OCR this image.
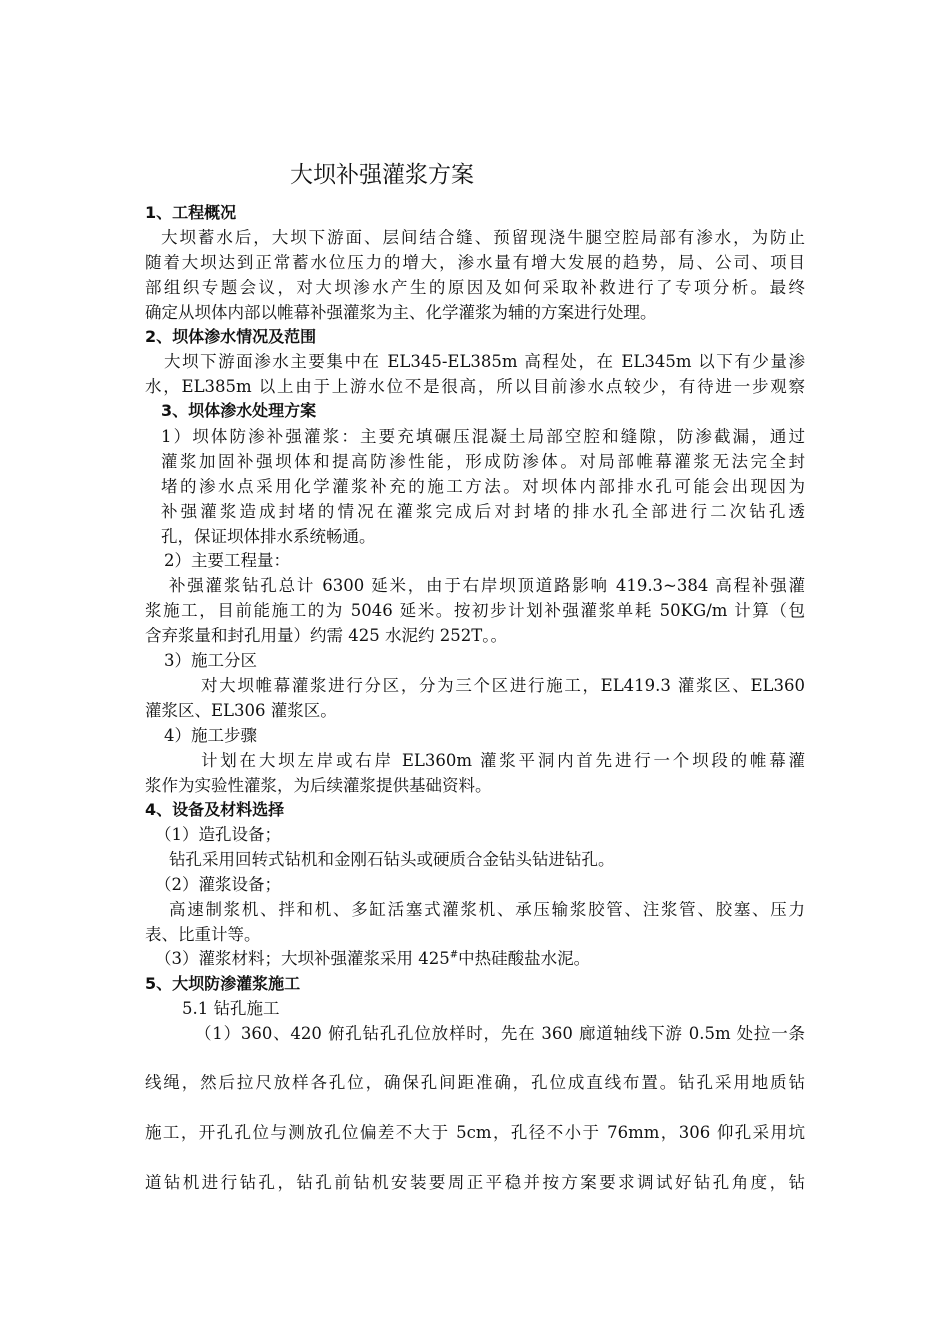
大坝补强灌浆方案
1、工程概况
大坝蓄水后，大坝下游面、层间结合缝、预留现浇牛腿空腔局部有渗水，为防止
随着大坝达到正常蓄水位压力的增大，渗水量有增大发展的趋势，局、公司、项目
部组织专题会议，对大坝渗水产生的原因及如何采取补救进行了专项分析。最终
确定从坝体内部以帷幕补强灌浆为主、化学灌浆为辅的方案进行处理。
2、坝体渗水情况及范围
大坝下游面渗水主要集中在 EL345-EL385m 高程处，在 EL345m 以下有少量渗
水，EL385m 以上由于上游水位不是很高，所以目前渗水点较少，有待进一步观察
3、坝体渗水处理方案
1）坝体防渗补强灌浆：主要充填碾压混凝土局部空腔和缝隙，防渗截漏，通过
灌浆加固补强坝体和提高防渗性能，形成防渗体。对局部帷幕灌浆无法完全封
堵的渗水点采用化学灌浆补充的施工方法。对坝体内部排水孔可能会出现因为
补强灌浆造成封堵的情况在灌浆完成后对封堵的排水孔全部进行二次钻孔透
孔，保证坝体排水系统畅通。
2）主要工程量：
补强灌浆钻孔总计 6300 延米，由于右岸坝顶道路影响 419.3~384 高程补强灌
浆施工，目前能施工的为 5046 延米。按初步计划补强灌浆单耗 50KG/m 计算（包
含弃浆量和封孔用量）约需 425 水泥约 252T。。
3）施工分区
对大坝帷幕灌浆进行分区，分为三个区进行施工，EL419.3 灌浆区、EL360
灌浆区、EL306 灌浆区。
4）施工步骤
计划在大坝左岸或右岸 EL360m 灌浆平洞内首先进行一个坝段的帷幕灌
浆作为实验性灌浆，为后续灌浆提供基础资料。
4、设备及材料选择
（1）造孔设备；
钻孔采用回转式钻机和金刚石钻头或硬质合金钻头钻进钻孔。
（2）灌浆设备；
高速制浆机、拌和机、多缸活塞式灌浆机、承压输浆胶管、注浆管、胶塞、压力
表、比重计等。
（3）灌浆材料；大坝补强灌浆采用 425#中热硅酸盐水泥。
5、大坝防渗灌浆施工
5.1 钻孔施工
（1）360、420 俯孔钻孔孔位放样时，先在 360 廊道轴线下游 0.5m 处拉一条
线绳，然后拉尺放样各孔位，确保孔间距准确，孔位成直线布置。钻孔采用地质钻
施工，开孔孔位与测放孔位偏差不大于 5cm，孔径不小于 76mm，306 仰孔采用坑
道钻机进行钻孔，钻孔前钻机安装要周正平稳并按方案要求调试好钻孔角度，钻
